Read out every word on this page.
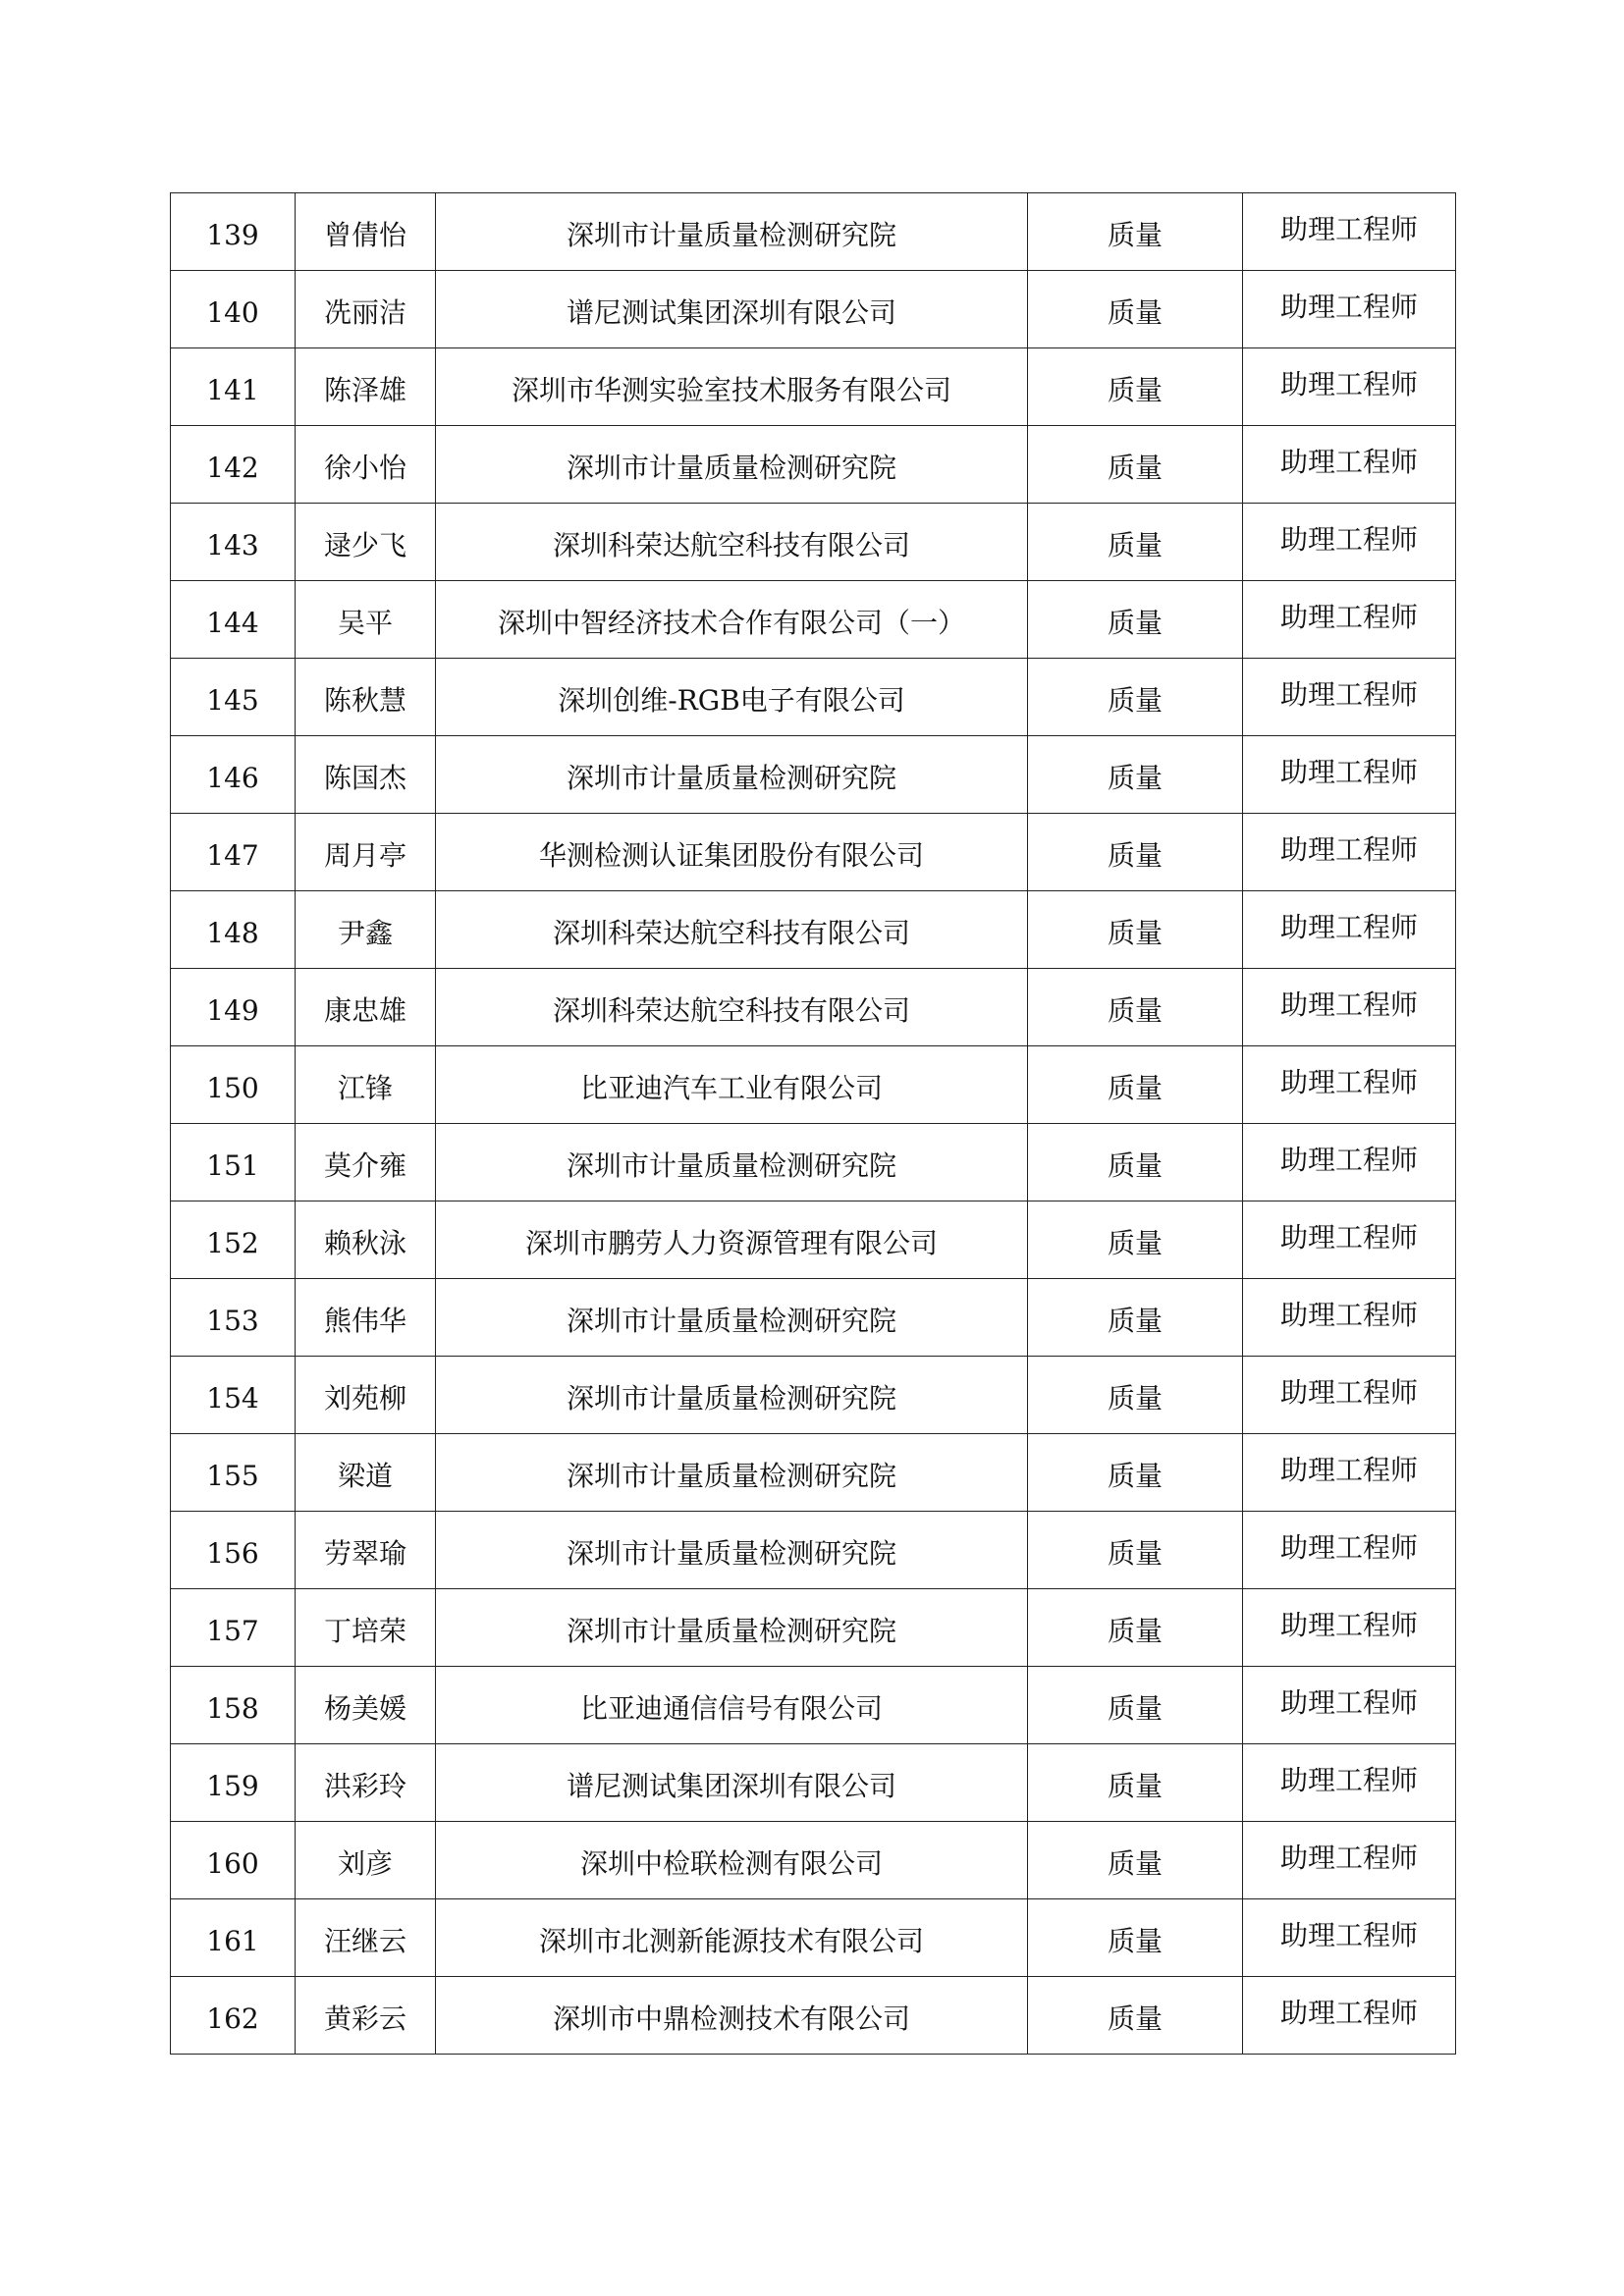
139	曾倩怡	深圳市计量质量检测研究院	质量	助理工程师
140	冼丽洁	谱尼测试集团深圳有限公司	质量	助理工程师
141	陈泽雄	深圳市华测实验室技术服务有限公司	质量	助理工程师
142	徐小怡	深圳市计量质量检测研究院	质量	助理工程师
143	逯少飞	深圳科荣达航空科技有限公司	质量	助理工程师
144	吴平	深圳中智经济技术合作有限公司（一）	质量	助理工程师
145	陈秋慧	深圳创维-RGB电子有限公司	质量	助理工程师
146	陈国杰	深圳市计量质量检测研究院	质量	助理工程师
147	周月亭	华测检测认证集团股份有限公司	质量	助理工程师
148	尹鑫	深圳科荣达航空科技有限公司	质量	助理工程师
149	康忠雄	深圳科荣达航空科技有限公司	质量	助理工程师
150	江锋	比亚迪汽车工业有限公司	质量	助理工程师
151	莫介雍	深圳市计量质量检测研究院	质量	助理工程师
152	赖秋泳	深圳市鹏劳人力资源管理有限公司	质量	助理工程师
153	熊伟华	深圳市计量质量检测研究院	质量	助理工程师
154	刘苑柳	深圳市计量质量检测研究院	质量	助理工程师
155	梁道	深圳市计量质量检测研究院	质量	助理工程师
156	劳翠瑜	深圳市计量质量检测研究院	质量	助理工程师
157	丁培荣	深圳市计量质量检测研究院	质量	助理工程师
158	杨美媛	比亚迪通信信号有限公司	质量	助理工程师
159	洪彩玲	谱尼测试集团深圳有限公司	质量	助理工程师
160	刘彦	深圳中检联检测有限公司	质量	助理工程师
161	汪继云	深圳市北测新能源技术有限公司	质量	助理工程师
162	黄彩云	深圳市中鼎检测技术有限公司	质量	助理工程师
